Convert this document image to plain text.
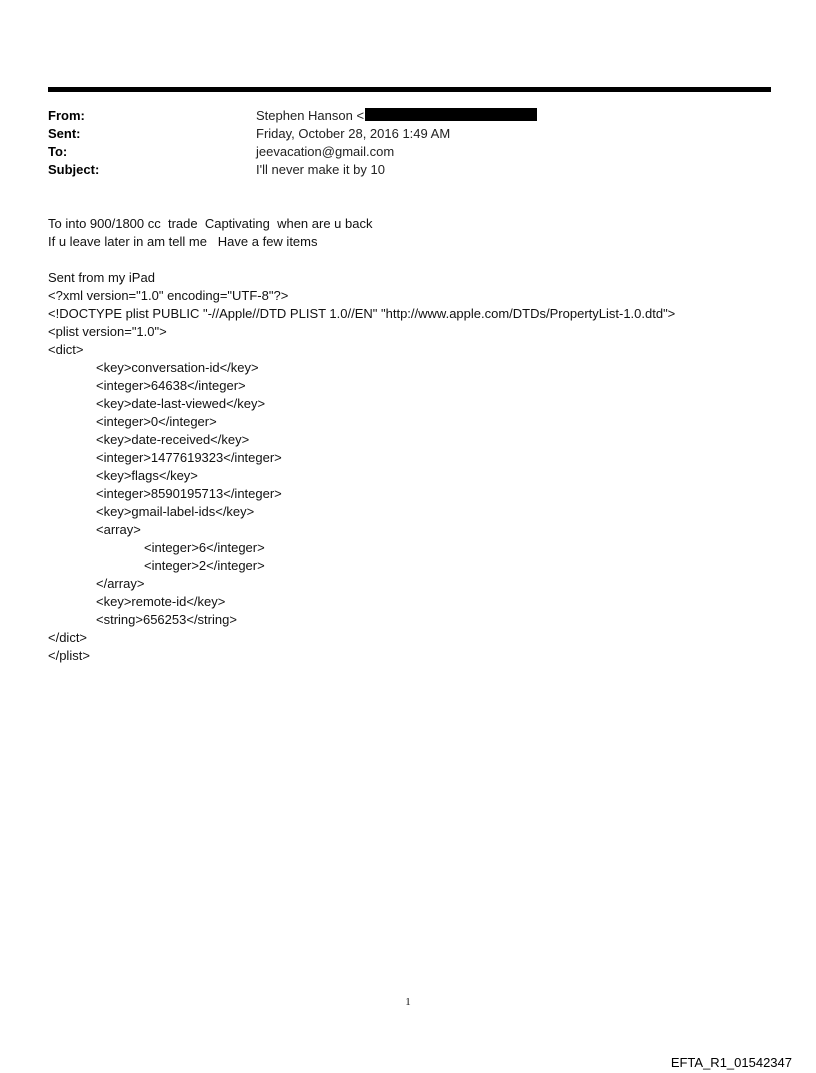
From:	Stephen Hanson <
Sent:	Friday, October 28, 2016 1:49 AM
To:	jeevacation@gmail.com
Subject:	I'll never make it by 10
To into 900/1800 cc  trade  Captivating  when are u back
If u leave later in am tell me   Have a few items
Sent from my iPad
<?xml version="1.0" encoding="UTF-8"?>
<!DOCTYPE plist PUBLIC "-//Apple//DTD PLIST 1.0//EN" "http://www.apple.com/DTDs/PropertyList-1.0.dtd">
<plist version="1.0">
<dict>
<key>conversation-id</key>
<integer>64638</integer>
<key>date-last-viewed</key>
<integer>0</integer>
<key>date-received</key>
<integer>1477619323</integer>
<key>flags</key>
<integer>8590195713</integer>
<key>gmail-label-ids</key>
<array>
<integer>6</integer>
<integer>2</integer>
</array>
<key>remote-id</key>
<string>656253</string>
</dict>
</plist>
1
EFTA_R1_01542347
